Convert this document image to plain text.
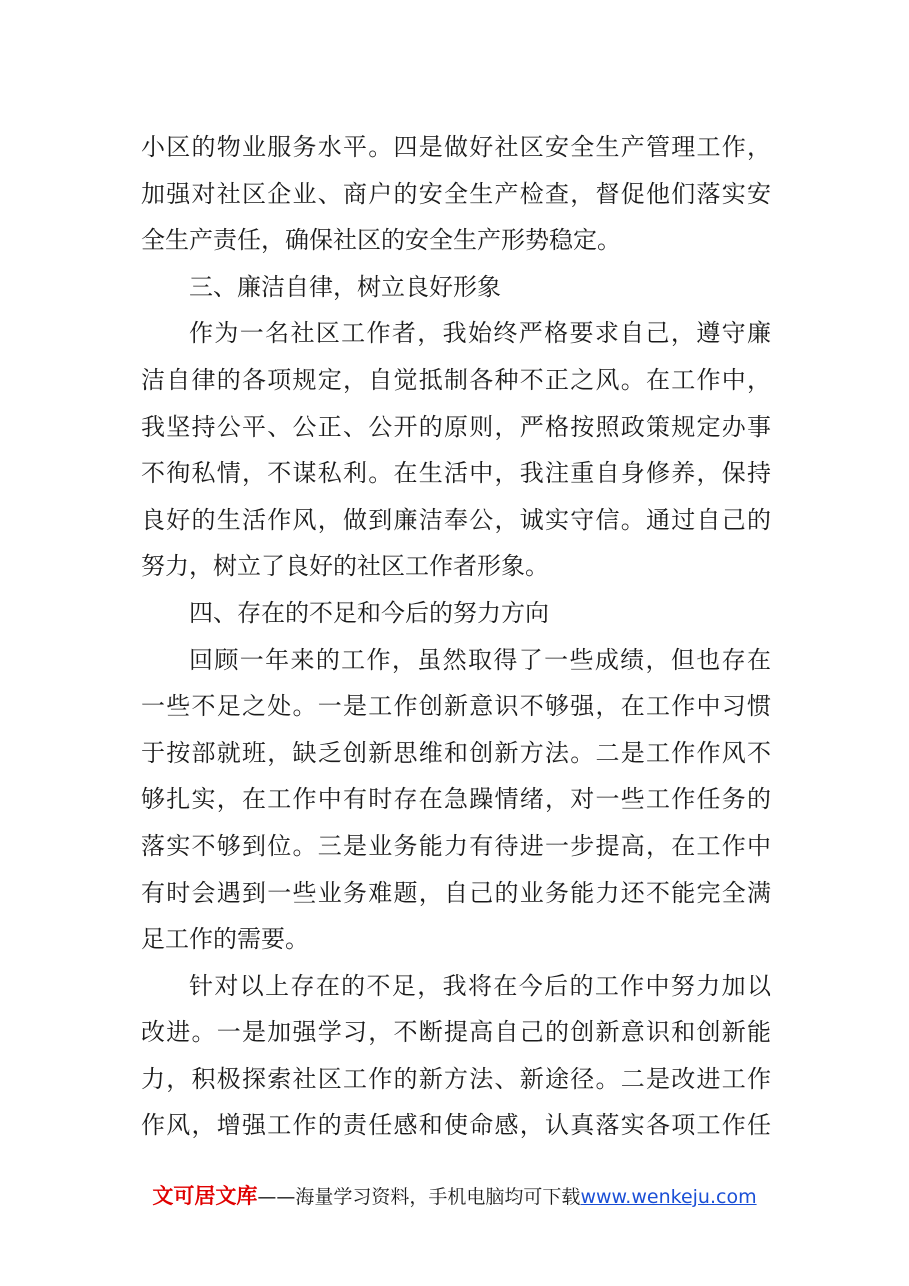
小区的物业服务水平。四是做好社区安全生产管理工作，
加强对社区企业、商户的安全生产检查，督促他们落实安
全生产责任，确保社区的安全生产形势稳定。
三、廉洁自律，树立良好形象
作为一名社区工作者，我始终严格要求自己，遵守廉
洁自律的各项规定，自觉抵制各种不正之风。在工作中，
我坚持公平、公正、公开的原则，严格按照政策规定办事
不徇私情，不谋私利。在生活中，我注重自身修养，保持
良好的生活作风，做到廉洁奉公，诚实守信。通过自己的
努力，树立了良好的社区工作者形象。
四、存在的不足和今后的努力方向
回顾一年来的工作，虽然取得了一些成绩，但也存在
一些不足之处。一是工作创新意识不够强，在工作中习惯
于按部就班，缺乏创新思维和创新方法。二是工作作风不
够扎实，在工作中有时存在急躁情绪，对一些工作任务的
落实不够到位。三是业务能力有待进一步提高，在工作中
有时会遇到一些业务难题，自己的业务能力还不能完全满
足工作的需要。
针对以上存在的不足，我将在今后的工作中努力加以
改进。一是加强学习，不断提高自己的创新意识和创新能
力，积极探索社区工作的新方法、新途径。二是改进工作
作风，增强工作的责任感和使命感，认真落实各项工作任
文可居文库——海量学习资料，手机电脑均可下载www.wenkeju.com
